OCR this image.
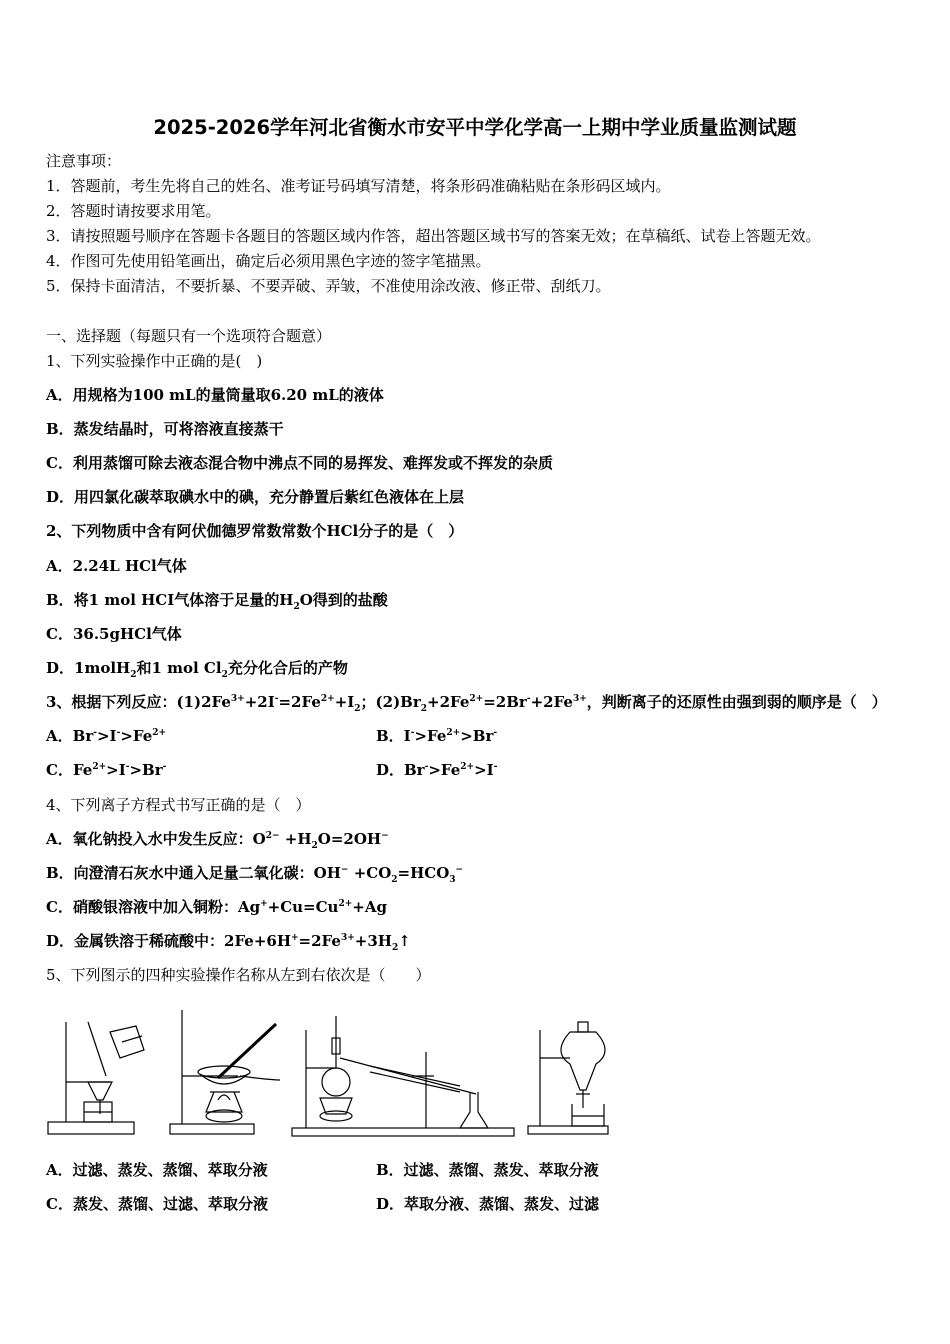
2025-2026学年河北省衡水市安平中学化学高一上期中学业质量监测试题
注意事项：
1．答题前，考生先将自己的姓名、准考证号码填写清楚，将条形码准确粘贴在条形码区域内。
2．答题时请按要求用笔。
3．请按照题号顺序在答题卡各题目的答题区域内作答，超出答题区域书写的答案无效；在草稿纸、试卷上答题无效。
4．作图可先使用铅笔画出，确定后必须用黑色字迹的签字笔描黑。
5．保持卡面清洁，不要折暴、不要弄破、弄皱，不准使用涂改液、修正带、刮纸刀。
一、选择题（每题只有一个选项符合题意）
1、下列实验操作中正确的是(　)
A．用规格为100 mL的量筒量取6.20 mL的液体
B．蒸发结晶时，可将溶液直接蒸干
C．利用蒸馏可除去液态混合物中沸点不同的易挥发、难挥发或不挥发的杂质
D．用四氯化碳萃取碘水中的碘，充分静置后紫红色液体在上层
2、下列物质中含有阿伏伽德罗常数常数个HCl分子的是（　）
A．2.24L HCl气体
B．将1 mol HCI气体溶于足量的$H_2O$得到的盐酸
C．36.5gHCl气体
D．1molH$_2$和1 mol $Cl_2$充分化合后的产物
3、根据下列反应：$(1)2Fe^{3+}+2I^-=2Fe^{2+}+I_2$；$(2)Br_2+2Fe^{2+}=2Br^-+2Fe^{3+}$，判断离子的还原性由强到弱的顺序是（　）
A．$Br^->I^->Fe^{2+}$	B．$I^->Fe^{2+}>Br^-$
C．$Fe^{2+}>I^->Br^-$	D．$Br^->Fe^{2+}>I^-$
4、下列离子方程式书写正确的是（　）
A．氧化钠投入水中发生反应：$O^{2-} +H_2O=2OH^-$
B．向澄清石灰水中通入足量二氧化碳：$OH^- +CO_2=HCO_3^-$
C．硝酸银溶液中加入铜粉：$Ag^++Cu=Cu^{2+}+Ag$
D．金属铁溶于稀硫酸中：$2Fe+6H^+=2Fe^{3+}+3H_2↑$
5、下列图示的四种实验操作名称从左到右依次是（　　）
A．过滤、蒸发、蒸馏、萃取分液	B．过滤、蒸馏、蒸发、萃取分液
C．蒸发、蒸馏、过滤、萃取分液	D．萃取分液、蒸馏、蒸发、过滤
